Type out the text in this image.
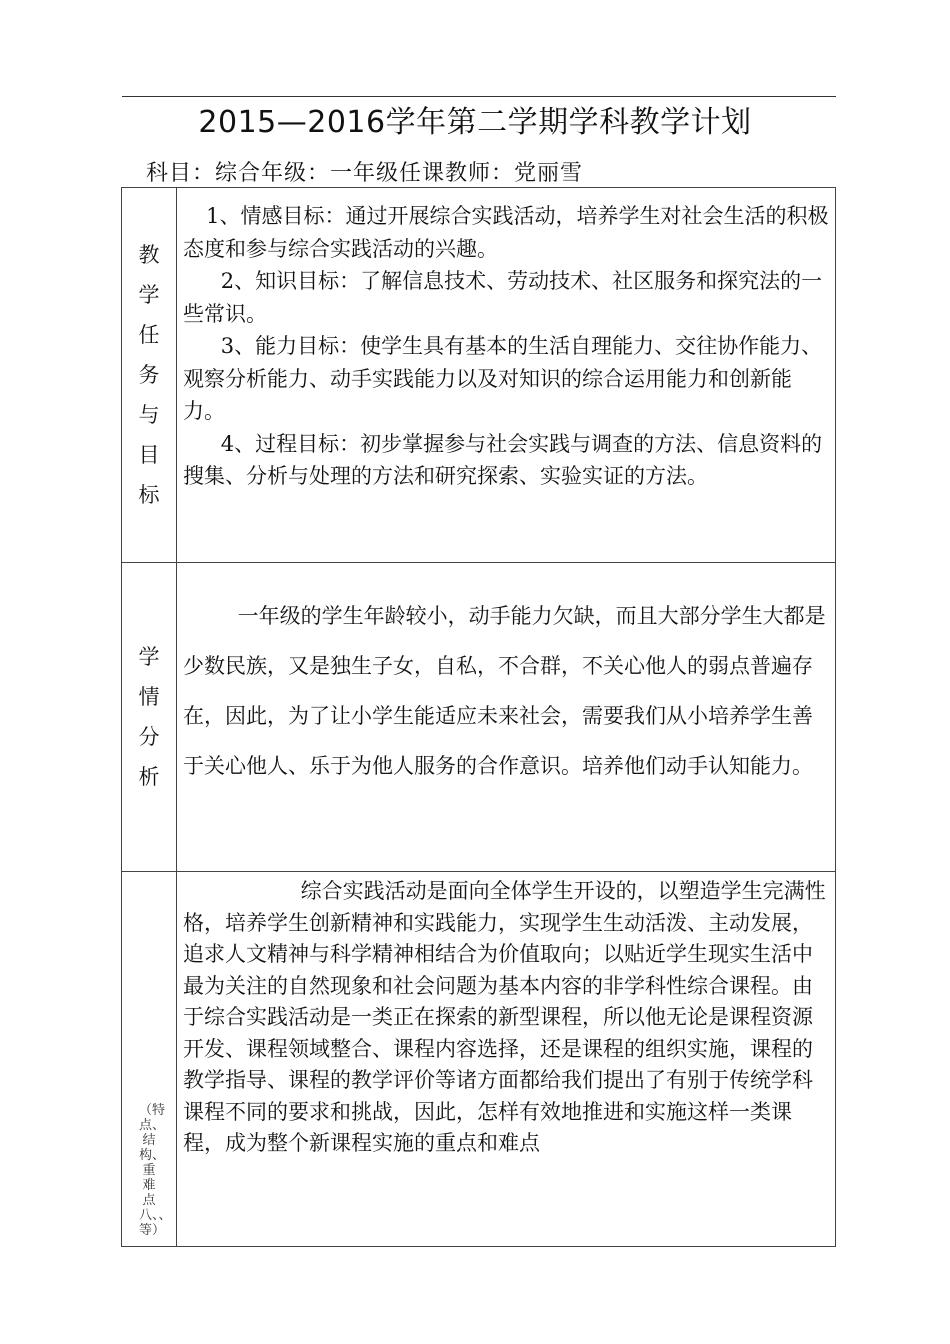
2015—2016学年第二学期学科教学计划
科目：综合年级：一年级任课教师：党丽雪
教学任务与目标	1、情感目标：通过开展综合实践活动，培养学生对社会生活的积极态度和参与综合实践活动的兴趣。

2、知识目标：了解信息技术、劳动技术、社区服务和探究法的一些常识。

3、能力目标：使学生具有基本的生活自理能力、交往协作能力、观察分析能力、动手实践能力以及对知识的综合运用能力和创新能力。

4、过程目标：初步掌握参与社会实践与调查的方法、信息资料的搜集、分析与处理的方法和研究探索、实验实证的方法。

学情分析	一年级的学生年龄较小，动手能力欠缺，而且大部分学生大都是少数民族，又是独生子女，自私，不合群，不关心他人的弱点普遍存在，因此，为了让小学生能适应未来社会，需要我们从小培养学生善于关心他人、乐于为他人服务的合作意识。培养他们动手认知能力。

（特点、结构、重难点八、、等）	综合实践活动是面向全体学生开设的，以塑造学生完满性格，培养学生创新精神和实践能力，实现学生生动活泼、主动发展，追求人文精神与科学精神相结合为价值取向；以贴近学生现实生活中最为关注的自然现象和社会问题为基本内容的非学科性综合课程。由于综合实践活动是一类正在探索的新型课程，所以他无论是课程资源开发、课程领域整合、课程内容选择，还是课程的组织实施，课程的教学指导、课程的教学评价等诸方面都给我们提出了有别于传统学科课程不同的要求和挑战，因此，怎样有效地推进和实施这样一类课程，成为整个新课程实施的重点和难点
